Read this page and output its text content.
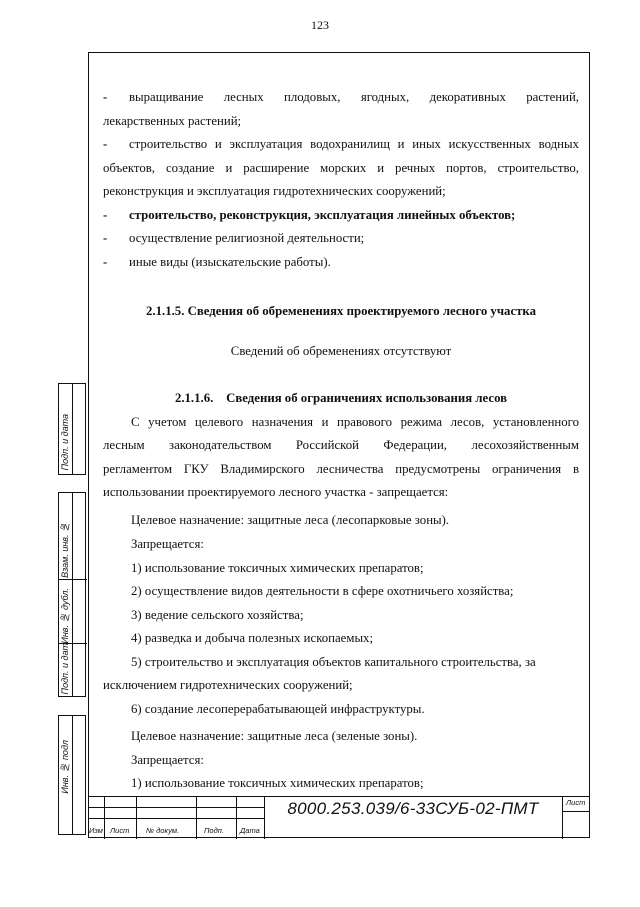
123
Подп. и дата
Взам. инв. №
Инв. № дубл.
Подп. и дат
Инв. № подл
-	выращивание лесных плодовых, ягодных, декоративных растений,
лекарственных растений;
-	строительство и эксплуатация водохранилищ и иных искусственных водных
объектов, создание и расширение морских и речных портов, строительство,
реконструкция и эксплуатация гидротехнических сооружений;
-	строительство, реконструкция, эксплуатация линейных объектов;
-	осуществление религиозной деятельности;
-	иные виды (изыскательские работы).

2.1.1.5. Сведения об обременениях проектируемого лесного участка

Сведений об обременениях отсутствуют

2.1.1.6. Сведения об ограничениях использования лесов

С учетом целевого назначения и правового режима лесов, установленного

лесным законодательством Российской Федерации, лесохозяйственным

регламентом ГКУ Владимирского лесничества предусмотрены ограничения в

использовании проектируемого лесного участка - запрещается:

Целевое назначение: защитные леса (лесопарковые зоны).

Запрещается:

1) использование токсичных химических препаратов;

2) осуществление видов деятельности в сфере охотничьего хозяйства;

3) ведение сельского хозяйства;

4) разведка и добыча полезных ископаемых;

5) строительство и эксплуатация объектов капитального строительства, за

исключением гидротехнических сооружений;

6) создание лесоперерабатывающей инфраструктуры.

Целевое назначение: защитные леса (зеленые зоны).

Запрещается:

1) использование токсичных химических препаратов;

8000.253.039/6-33СУБ-02-ПМТ	Лист
Изм Лист № докум.	Подп. Дата
